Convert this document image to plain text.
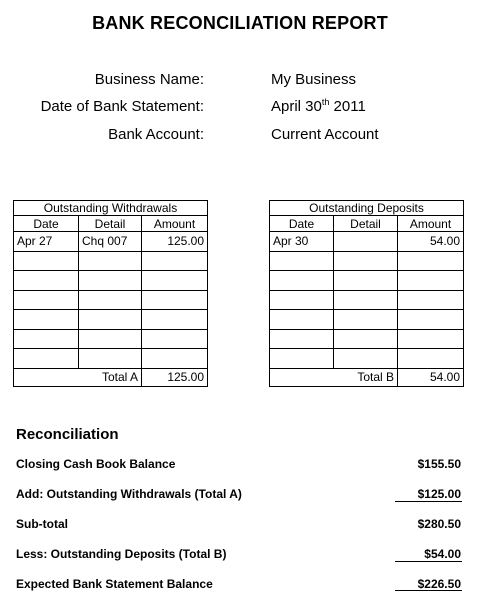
BANK RECONCILIATION REPORT
Business Name:	My Business
Date of Bank Statement:	April 30th 2011
Bank Account:	Current Account
Outstanding Withdrawals		
Date	Detail	Amount
Apr 27	Chq 007	125.00

	Total A	125.00
Outstanding Deposits		
Date	Detail	Amount
Apr 30		54.00

	Total B	54.00
Reconciliation
Closing Cash Book Balance	$155.50
Add: Outstanding Withdrawals (Total A)	$125.00
Sub-total	$280.50
Less: Outstanding Deposits (Total B)	$54.00
Expected Bank Statement Balance	$226.50
